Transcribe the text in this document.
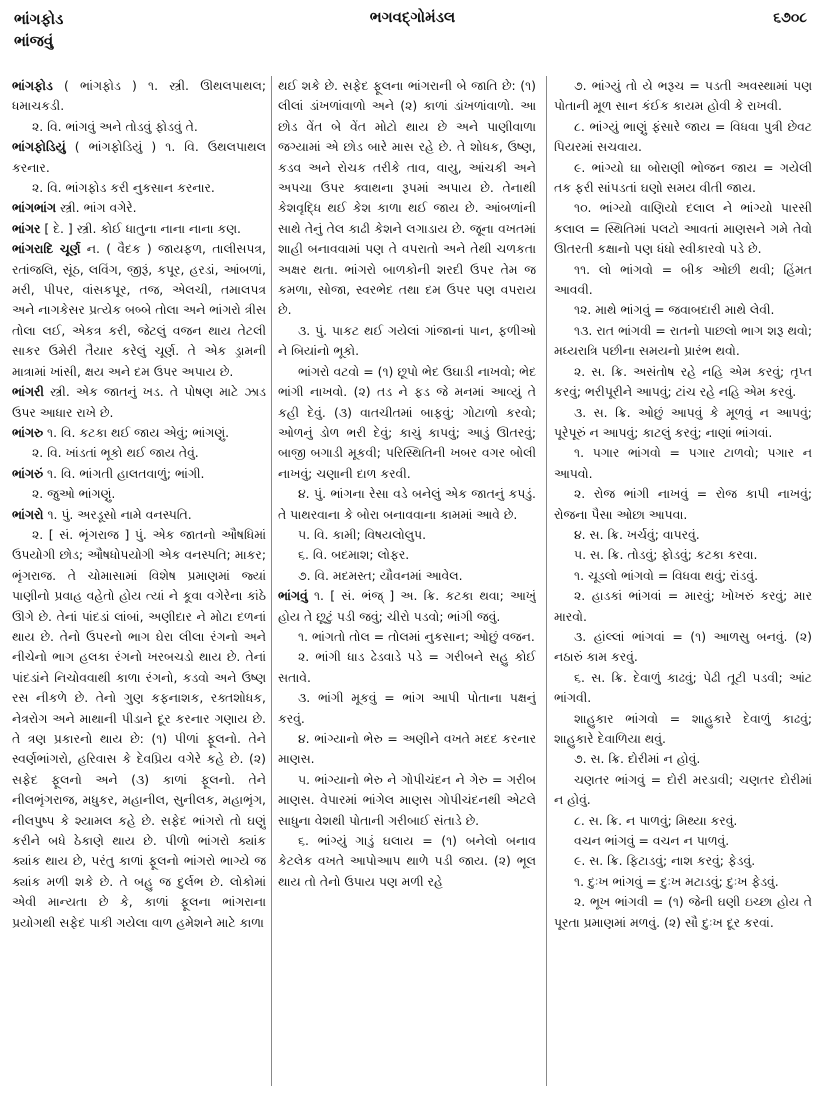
ભાંગફોડ
ભાંજવું
ભગવદ્ગોમંડલ	૬૭૦૮

ભાંગફોડ ( ભાંગફોડ ) ૧. સ્ત્રી. ઊથલપાથલ; ધમાચકડી.

૨. વિ. ભાંગવું અને તોડવું ફોડવું તે.

ભાંગફોડિયું ( ભાંગફોડિયું ) ૧. વિ. ઉથલપાથલ કરનાર.

૨. વિ. ભાંગફોડ કરી નુકસાન કરનાર.

ભાંગભાંગ સ્ત્રી. ભાંગ વગેરે.

ભાંગર [ દે. ] સ્ત્રી. કોઈ ધાતુના નાના નાના કણ.

ભાંગરાદિ ચૂર્ણ ન. ( વૈદક ) જાયફળ, તાલીસપત્ર, રતાંજલિ, સૂંઠ, લવિંગ, જીરૂં, કપૂર, હરડાં, આંબળાં, મરી, પીપર, વાંસકપૂર, તજ, એલચી, તમાલપત્ર અને નાગકેસર પ્રત્યેક બબ્બે તોલા અને ભાંગરો ત્રીસ તોલા લઈ, એકત્ર કરી, જેટલું વજન થાય તેટલી સાકર ઉમેરી તૈયાર કરેલું ચૂર્ણ. તે એક ડ્રામની માત્રામાં ખાંસી, ક્ષય અને દમ ઉપર અપાય છે.

ભાંગરી સ્ત્રી. એક જાતનું ખડ. તે પોષણ માટે ઝાડ ઉપર આધાર રાખે છે.

ભાંગરુ ૧. વિ. કટકા થઈ જાય એવું; ભાંગણું.

૨. વિ. ખાંડતાં ભૂકો થઈ જાય તેવું.

ભાંગરું ૧. વિ. ભાંગતી હાલતવાળું; ભાંગી.

૨. જુઓ ભાંગણું.

ભાંગરો ૧. પું. અરડૂસો નામે વનસ્પતિ.

૨. [ સં. ભૃંગરાજ ] પું. એક જાતનો ઔષધિમાં ઉપયોગી છોડ; ઔષધોપયોગી એક વનસ્પતિ; માકર; ભૃંગરાજ. તે ચોમાસામાં વિશેષ પ્રમાણમાં જ્યાં પાણીનો પ્રવાહ વહેતો હોય ત્યાં ને કૂવા વગેરેના કાંઠે ઊગે છે. તેનાં પાંદડાં લાંબાં, અણીદાર ને મોટા દળનાં થાય છે. તેનો ઉપરનો ભાગ ઘેરા લીલા રંગનો અને નીચેનો ભાગ હલકા રંગનો ખરબચડો થાય છે. તેનાં પાંદડાંને નિચોવવાથી કાળા રંગનો, કડવો અને ઉષ્ણ રસ નીકળે છે. તેનો ગુણ કફનાશક, રક્તશોધક, નેત્રરોગ અને માથાની પીડાને દૂર કરનાર ગણાય છે. તે ત્રણ પ્રકારનો થાય છે: (૧) પીળાં ફૂલનો. તેને સ્વર્ણભાંગરો, હરિવાસ કે દેવપ્રિય વગેરે કહે છે. (૨) સફેદ ફૂલનો અને (૩) કાળાં ફૂલનો. તેને નીલભૃંગરાજ, મધુકર, મહાનીલ, સુનીલક, મહાભૃંગ, નીલપુષ્પ કે શ્યામલ કહે છે. સફેદ ભાંગરો તો ઘણું કરીને બધે ઠેકાણે થાય છે. પીળો ભાંગરો ક્યાંક ક્યાંક થાય છે, પરંતુ કાળાં ફૂલનો ભાંગરો ભાગ્યે જ ક્યાંક મળી શકે છે. તે બહુ જ દુર્લભ છે. લોકોમાં એવી માન્યતા છે કે, કાળાં ફૂલના ભાંગરાના પ્રયોગથી સફેદ પાકી ગયેલા વાળ હમેશને માટે કાળા

થઈ શકે છે. સફેદ ફૂલના ભાંગરાની બે જાતિ છે: (૧) લીલાં ડાંખળાંવાળો અને (૨) કાળાં ડાંખળાંવાળો. આ છોડ વેંત બે વેંત મોટો થાય છે અને પાણીવાળા જગ્યામાં એ છોડ બારે માસ રહે છે. તે શોધક, ઉષ્ણ, કડવ અને રોચક તરીકે તાવ, વાયુ, આંચકી અને અપચા ઉપર ક્વાથના રૂપમાં અપાય છે. તેનાથી કેશવૃદ્ધિ થઈ કેશ કાળા થઈ જાય છે. આંબળાંની સાથે તેનું તેલ કાઢી કેશને લગાડાય છે. જૂના વખતમાં શાહી બનાવવામાં પણ તે વપરાતો અને તેથી ચળકતા અક્ષર થતા. ભાંગરો બાળકોની શરદી ઉપર તેમ જ કમળા, સોજા, સ્વરભેદ તથા દમ ઉપર પણ વપરાય છે.

૩. પું. પાકટ થઈ ગયેલાં ગાંજાનાં પાન, ફળીઓ ને બિયાંનો ભૂકો.

ભાંગરો વટવો = (૧) છૂપો ભેદ ઉઘાડી નાખવો; ભેદ ભાંગી નાખવો. (૨) તડ ને ફડ જે મનમાં આવ્યું તે કહી દેવું. (૩) વાતચીતમાં બાફવું; ગોટાળો કરવો; ઓળનું ડોળ ભરી દેવું; કાચું કાપવું; આડું ઊતરવું; બાજી બગાડી મૂકવી; પરિસ્થિતિની ખબર વગર બોલી નાખવું; ચણાની દાળ કરવી.

૪. પું. ભાંગના રેસા વડે બનેલું એક જાતનું કપડું. તે પાથરવાના કે બોરા બનાવવાના કામમાં આવે છે.

૫. વિ. કામી; વિષયલોલુપ.

૬. વિ. બદમાશ; લોફર.

૭. વિ. મદમસ્ત; યૌવનમાં આવેલ.

ભાંગવું ૧. [ સં. ભંજ્ ] અ. ક્રિ. કટકા થવા; આખું હોય તે છૂટું પડી જવું; ચીરો પડવો; ભાંગી જવું.

૧. ભાંગતો તોલ = તોલમાં નુકસાન; ઓછું વજન.

૨. ભાંગી ધાડ ઢેડવાડે પડે = ગરીબને સહુ કોઈ સતાવે.

૩. ભાંગી મૂકવું = ભાંગ આપી પોતાના પક્ષનું કરવું.

૪. ભાંગ્યાનો ભેરુ = અણીને વખતે મદદ કરનાર માણસ.

૫. ભાંગ્યાનો ભેરુ ને ગોપીચંદન ને ગેરુ = ગરીબ માણસ. વેપારમાં ભાંગેલ માણસ ગોપીચંદનથી એટલે સાધુના વેશથી પોતાની ગરીબાઈ સંતાડે છે.

૬. ભાંગ્યું ગાડું ઘલાય = (૧) બનેલો બનાવ કેટલેક વખતે આપોઆપ થાળે પડી જાય. (૨) ભૂલ થાય તો તેનો ઉપાય પણ મળી રહે

૭. ભાંગ્યું તો યે ભરૂચ = પડતી અવસ્થામાં પણ પોતાની મૂળ સાન કંઈક કાયમ હોવી કે રાખવી.

૮. ભાંગ્યું ભાણું ફંસારે જાય = વિધવા પુત્રી છેવટ પિયરમાં સચવાય.

૯. ભાંગ્યો ઘા બોરાણી ભોજન જાય = ગયેલી તક ફરી સાંપડતાં ઘણો સમય વીતી જાય.

૧૦. ભાંગ્યો વાણિયો દલાલ ને ભાંગ્યો પારસી કલાલ = સ્થિતિમાં પલટો આવતાં માણસને ગમે તેવો ઊતરતી કક્ષાનો પણ ધંધો સ્વીકારવો પડે છે.

૧૧. લો ભાંગવો = બીક ઓછી થવી; હિંમત આવવી.

૧૨. માથે ભાંગવું = જવાબદારી માથે લેવી.

૧૩. રાત ભાંગવી = રાતનો પાછલો ભાગ શરૂ થવો; મધ્યરાત્રિ પછીના સમયનો પ્રારંભ થવો.

૨. સ. ક્રિ. અસંતોષ રહે નહિ એમ કરવું; તૃપ્ત કરવું; ભરીપૂરીને આપવું; ટાંચ રહે નહિ એમ કરવું.

૩. સ. ક્રિ. ઓછું આપવું કે મૂળવું ન આપવું; પૂરેપૂરું ન આપવું; કાટલું કરવું; નાણાં ભાંગવાં.

૧. પગાર ભાંગવો = પગાર ટાળવો; પગાર ન આપવો.

૨. રોજ ભાંગી નાખવું = રોજ કાપી નાખવું; રોજના પૈસા ઓછા આપવા.

૪. સ. ક્રિ. ખર્ચવું; વાપરવું.

૫. સ. ક્રિ. તોડવું; ફોડવું; કટકા કરવા.

૧. ચૂડલો ભાંગવો = વિધવા થવું; રાંડવું.

૨. હાડકાં ભાંગવાં = મારવું; ખોખરું કરવું; માર મારવો.

૩. હાંલ્લાં ભાંગવાં = (૧) આળસુ બનવું. (૨) નઠારું કામ કરવું.

૬. સ. ક્રિ. દેવાળું કાઢવું; પેઢી તૂટી પડવી; આંટ ભાંગવી.

શાહુકાર ભાંગવો = શાહુકારે દેવાળું કાઢવું; શાહુકારે દેવાળિયા થવું.

૭. સ. ક્રિ. દોરીમાં ન હોવું.

ચણતર ભાંગવું = દોરી મરડાવી; ચણતર દોરીમાં ન હોવું.

૮. સ. ક્રિ. ન પાળવું; મિથ્યા કરવું.

વચન ભાંગવું = વચન ન પાળવું.

૯. સ. ક્રિ. ફિટાડવું; નાશ કરવું; ફેડવું.

૧. દુઃખ ભાંગવું = દુઃખ મટાડવું; દુઃખ ફેડવું.

૨. ભૂખ ભાંગવી = (૧) જેની ઘણી ઇચ્છા હોય તે પૂરતા પ્રમાણમાં મળવું. (૨) સૌ દુઃખ દૂર કરવાં.
